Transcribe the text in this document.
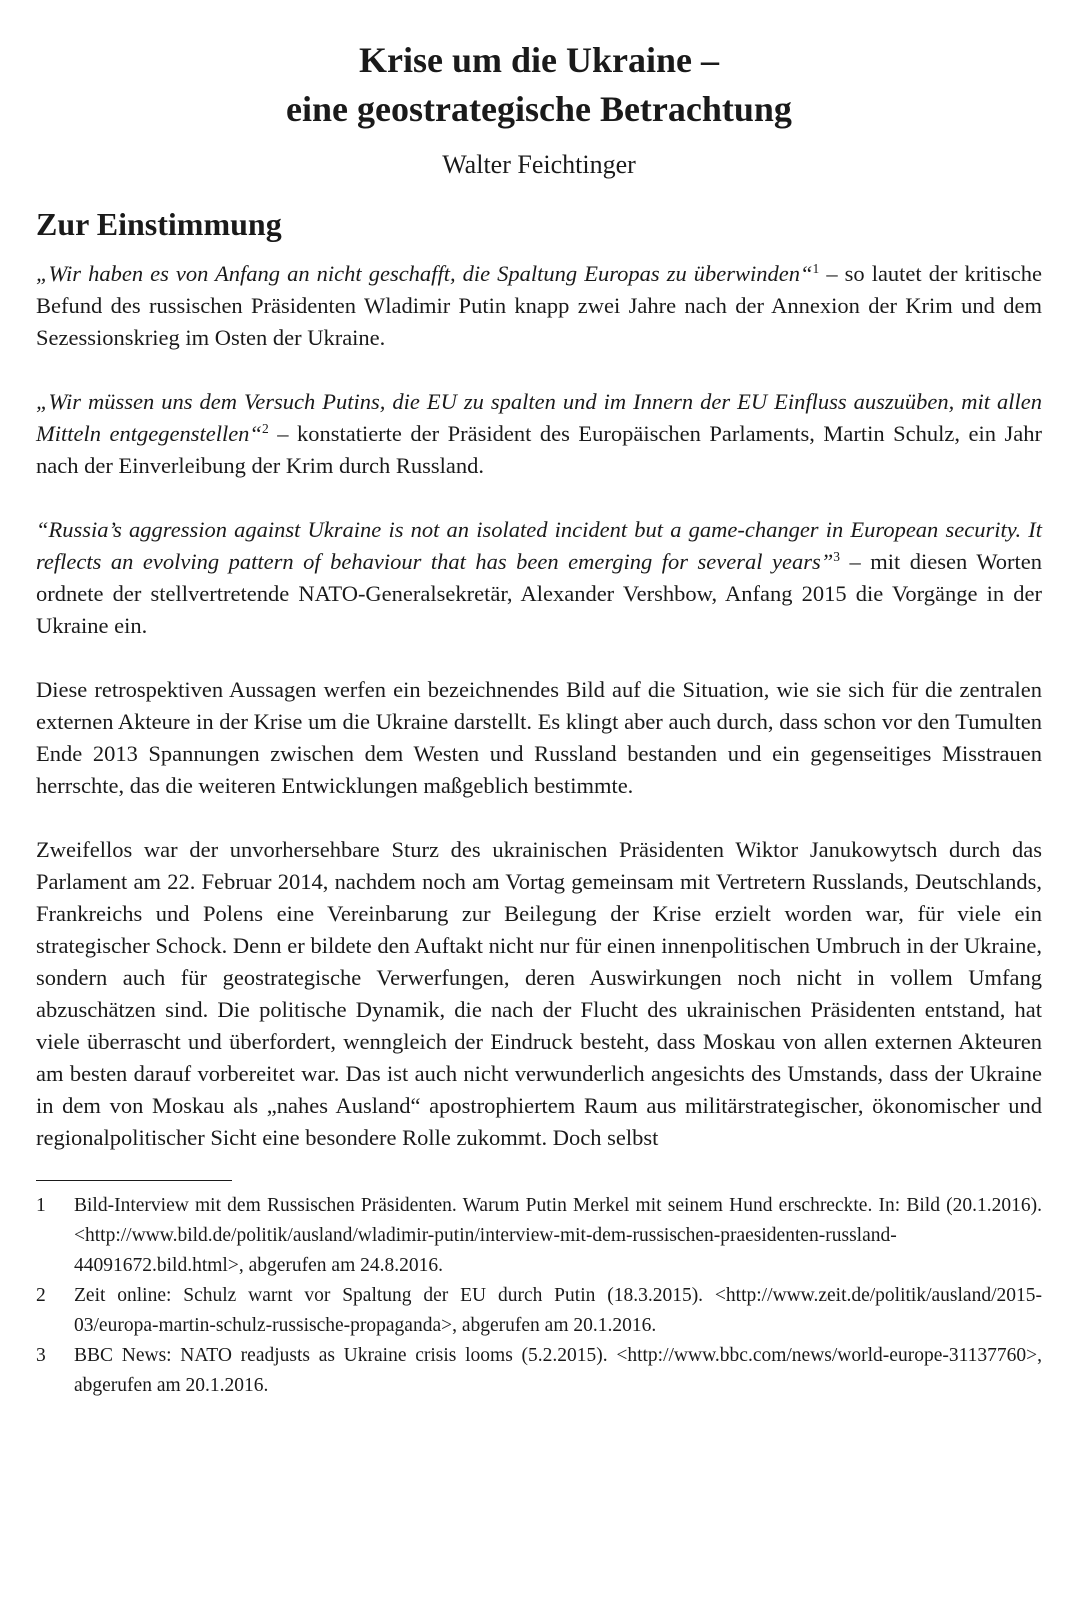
Krise um die Ukraine –
eine geostrategische Betrachtung
Walter Feichtinger
Zur Einstimmung

„Wir haben es von Anfang an nicht geschafft, die Spaltung Europas zu überwinden“$^1$ – so lautet der kritische Befund des russischen Präsidenten Wladimir Putin knapp zwei Jahre nach der Annexion der Krim und dem Sezessionskrieg im Osten der Ukraine.

„Wir müssen uns dem Versuch Putins, die EU zu spalten und im Innern der EU Einfluss auszuüben, mit allen Mitteln entgegenstellen“$^2$ – konstatierte der Präsident des Europäischen Parlaments, Martin Schulz, ein Jahr nach der Einverleibung der Krim durch Russland.

“Russia’s aggression against Ukraine is not an isolated incident but a game-changer in European security. It reflects an evolving pattern of behaviour that has been emerging for several years”$^3$ – mit diesen Worten ordnete der stellvertretende NATO-Generalsekretär, Alexander Vershbow, Anfang 2015 die Vorgänge in der Ukraine ein.

Diese retrospektiven Aussagen werfen ein bezeichnendes Bild auf die Situation, wie sie sich für die zentralen externen Akteure in der Krise um die Ukraine darstellt. Es klingt aber auch durch, dass schon vor den Tumulten Ende 2013 Spannungen zwischen dem Westen und Russland bestanden und ein gegenseitiges Misstrauen herrschte, das die weiteren Entwicklungen maßgeblich bestimmte.

Zweifellos war der unvorhersehbare Sturz des ukrainischen Präsidenten Wiktor Janukowytsch durch das Parlament am 22. Februar 2014, nachdem noch am Vortag gemeinsam mit Vertretern Russlands, Deutschlands, Frankreichs und Polens eine Vereinbarung zur Beilegung der Krise erzielt worden war, für viele ein strategischer Schock. Denn er bildete den Auftakt nicht nur für einen innenpolitischen Umbruch in der Ukraine, sondern auch für geostrategische Verwerfungen, deren Auswirkungen noch nicht in vollem Umfang abzuschätzen sind. Die politische Dynamik, die nach der Flucht des ukrainischen Präsidenten entstand, hat viele überrascht und überfordert, wenngleich der Eindruck besteht, dass Moskau von allen externen Akteuren am besten darauf vorbereitet war. Das ist auch nicht verwunderlich angesichts des Umstands, dass der Ukraine in dem von Moskau als „nahes Ausland“ apostrophiertem Raum aus militärstrategischer, ökonomischer und regionalpolitischer Sicht eine besondere Rolle zukommt. Doch selbst

1	Bild-Interview mit dem Russischen Präsidenten. Warum Putin Merkel mit seinem Hund erschreckte. In: Bild (20.1.2016).<http://www.bild.de/politik/ausland/wladimir-putin/interview-mit-dem-russischen-praesidenten-russland-44091672.bild.html>, abgerufen am 24.8.2016.
2	Zeit online: Schulz warnt vor Spaltung der EU durch Putin (18.3.2015). <http://www.zeit.de/politik/ausland/2015-03/europa-martin-schulz-russische-propaganda>, abgerufen am 20.1.2016.
3	BBC News: NATO readjusts as Ukraine crisis looms (5.2.2015). <http://www.bbc.com/news/world-europe-31137760>, abgerufen am 20.1.2016.
